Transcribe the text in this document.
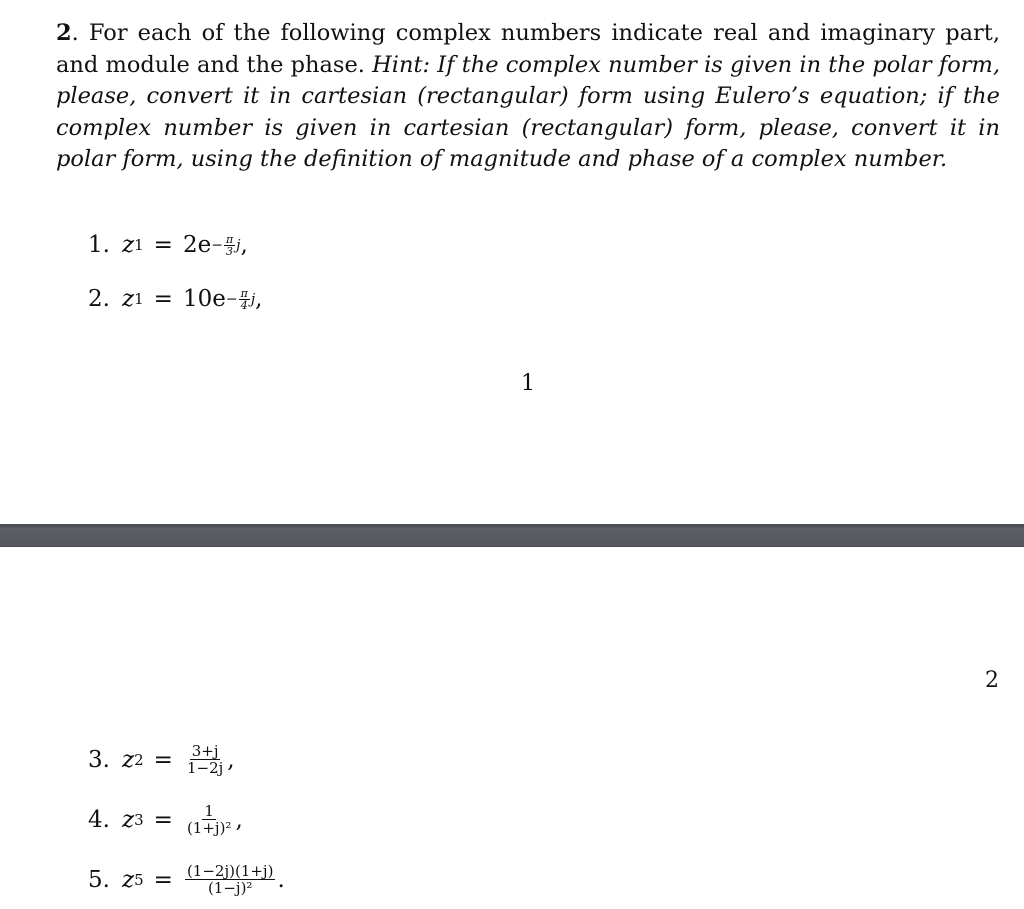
2. For each of the following complex numbers indicate real and imaginary part, and module and the phase. Hint: If the complex number is given in the polar form, please, convert it in cartesian (rectangular) form using Eulero’s equation; if the complex number is given in cartesian (rectangular) form, please, convert it in polar form, using the definition of magnitude and phase of a complex number.
1. z $1 = 2e - \frac{\pi}{3}$ j ,
2. z $1 = 10e - \frac{\pi}{4}$ j ,
1
2
3. z $2 = \frac{3+j}{1-2j}$ ,
4. z $3 = \frac{1}{\text{(1+j)²}}$ ,
5. z $5 = \frac{(1-2j)(1+j)}{\text{(1−j)²}}$ .
